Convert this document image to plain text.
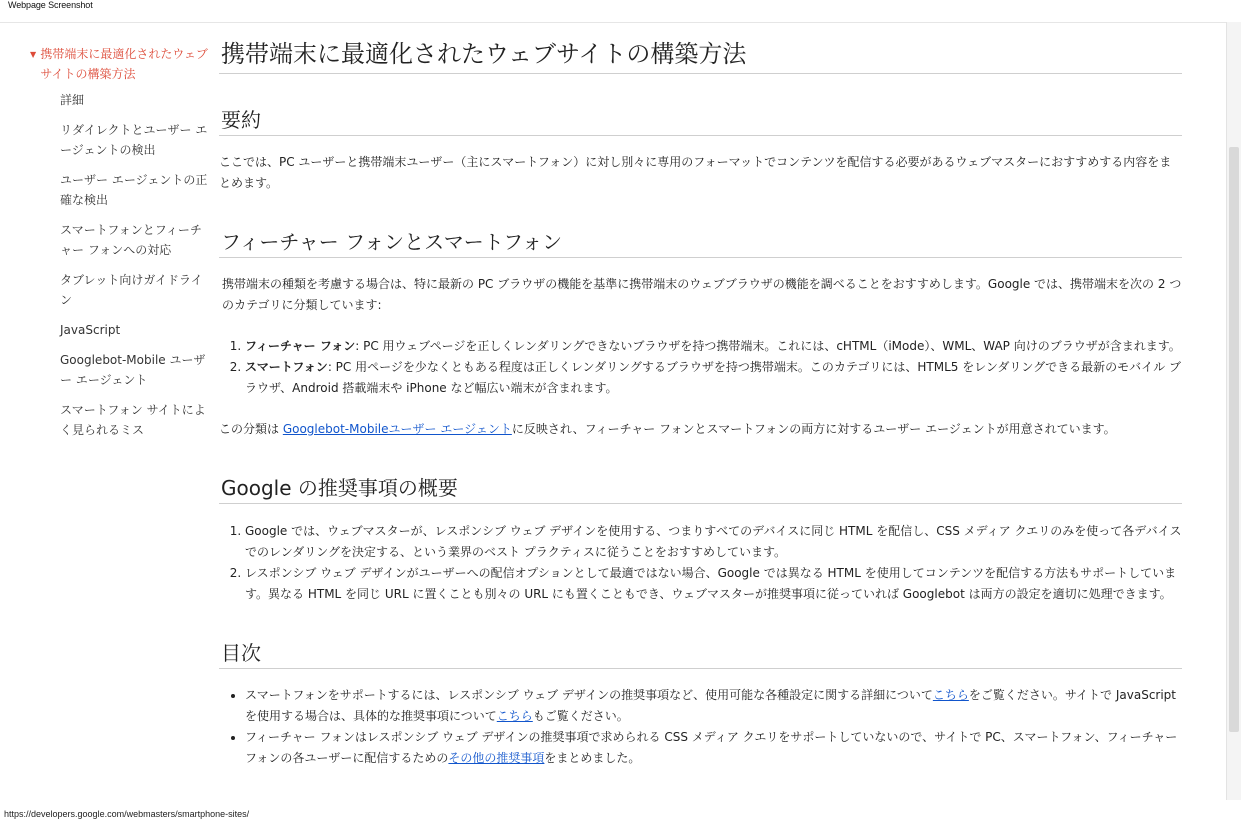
Webpage Screenshot
▼ 携帯端末に最適化されたウェブサイトの構築方法
詳細
リダイレクトとユーザー エージェントの検出
ユーザー エージェントの正確な検出
スマートフォンとフィーチャー フォンへの対応
タブレット向けガイドライン
JavaScript
Googlebot-Mobile ユーザー エージェント
スマートフォン サイトによく見られるミス
携帯端末に最適化されたウェブサイトの構築方法
要約

ここでは、PC ユーザーと携帯端末ユーザー（主にスマートフォン）に対し別々に専用のフォーマットでコンテンツを配信する必要があるウェブマスターにおすすめする内容をまとめます。

フィーチャー フォンとスマートフォン

携帯端末の種類を考慮する場合は、特に最新の PC ブラウザの機能を基準に携帯端末のウェブブラウザの機能を調べることをおすすめします。Google では、携帯端末を次の 2 つのカテゴリに分類しています:

1. フィーチャー フォン: PC 用ウェブページを正しくレンダリングできないブラウザを持つ携帯端末。これには、cHTML（iMode）、WML、WAP 向けのブラウザが含まれます。
2. スマートフォン: PC 用ページを少なくともある程度は正しくレンダリングするブラウザを持つ携帯端末。このカテゴリには、HTML5 をレンダリングできる最新のモバイル ブラウザ、Android 搭載端末や iPhone など幅広い端末が含まれます。

この分類は Googlebot-Mobileユーザー エージェントに反映され、フィーチャー フォンとスマートフォンの両方に対するユーザー エージェントが用意されています。

Google の推奨事項の概要
1. Google では、ウェブマスターが、レスポンシブ ウェブ デザインを使用する、つまりすべてのデバイスに同じ HTML を配信し、CSS メディア クエリのみを使って各デバイスでのレンダリングを決定する、という業界のベスト プラクティスに従うことをおすすめしています。
2. レスポンシブ ウェブ デザインがユーザーへの配信オプションとして最適ではない場合、Google では異なる HTML を使用してコンテンツを配信する方法もサポートしています。異なる HTML を同じ URL に置くことも別々の URL にも置くこともでき、ウェブマスターが推奨事項に従っていれば Googlebot は両方の設定を適切に処理できます。
目次
• スマートフォンをサポートするには、レスポンシブ ウェブ デザインの推奨事項など、使用可能な各種設定に関する詳細についてこちらをご覧ください。サイトで JavaScript を使用する場合は、具体的な推奨事項についてこちらもご覧ください。
• フィーチャー フォンはレスポンシブ ウェブ デザインの推奨事項で求められる CSS メディア クエリをサポートしていないので、サイトで PC、スマートフォン、フィーチャー フォンの各ユーザーに配信するためのその他の推奨事項をまとめました。
https://developers.google.com/webmasters/smartphone-sites/
